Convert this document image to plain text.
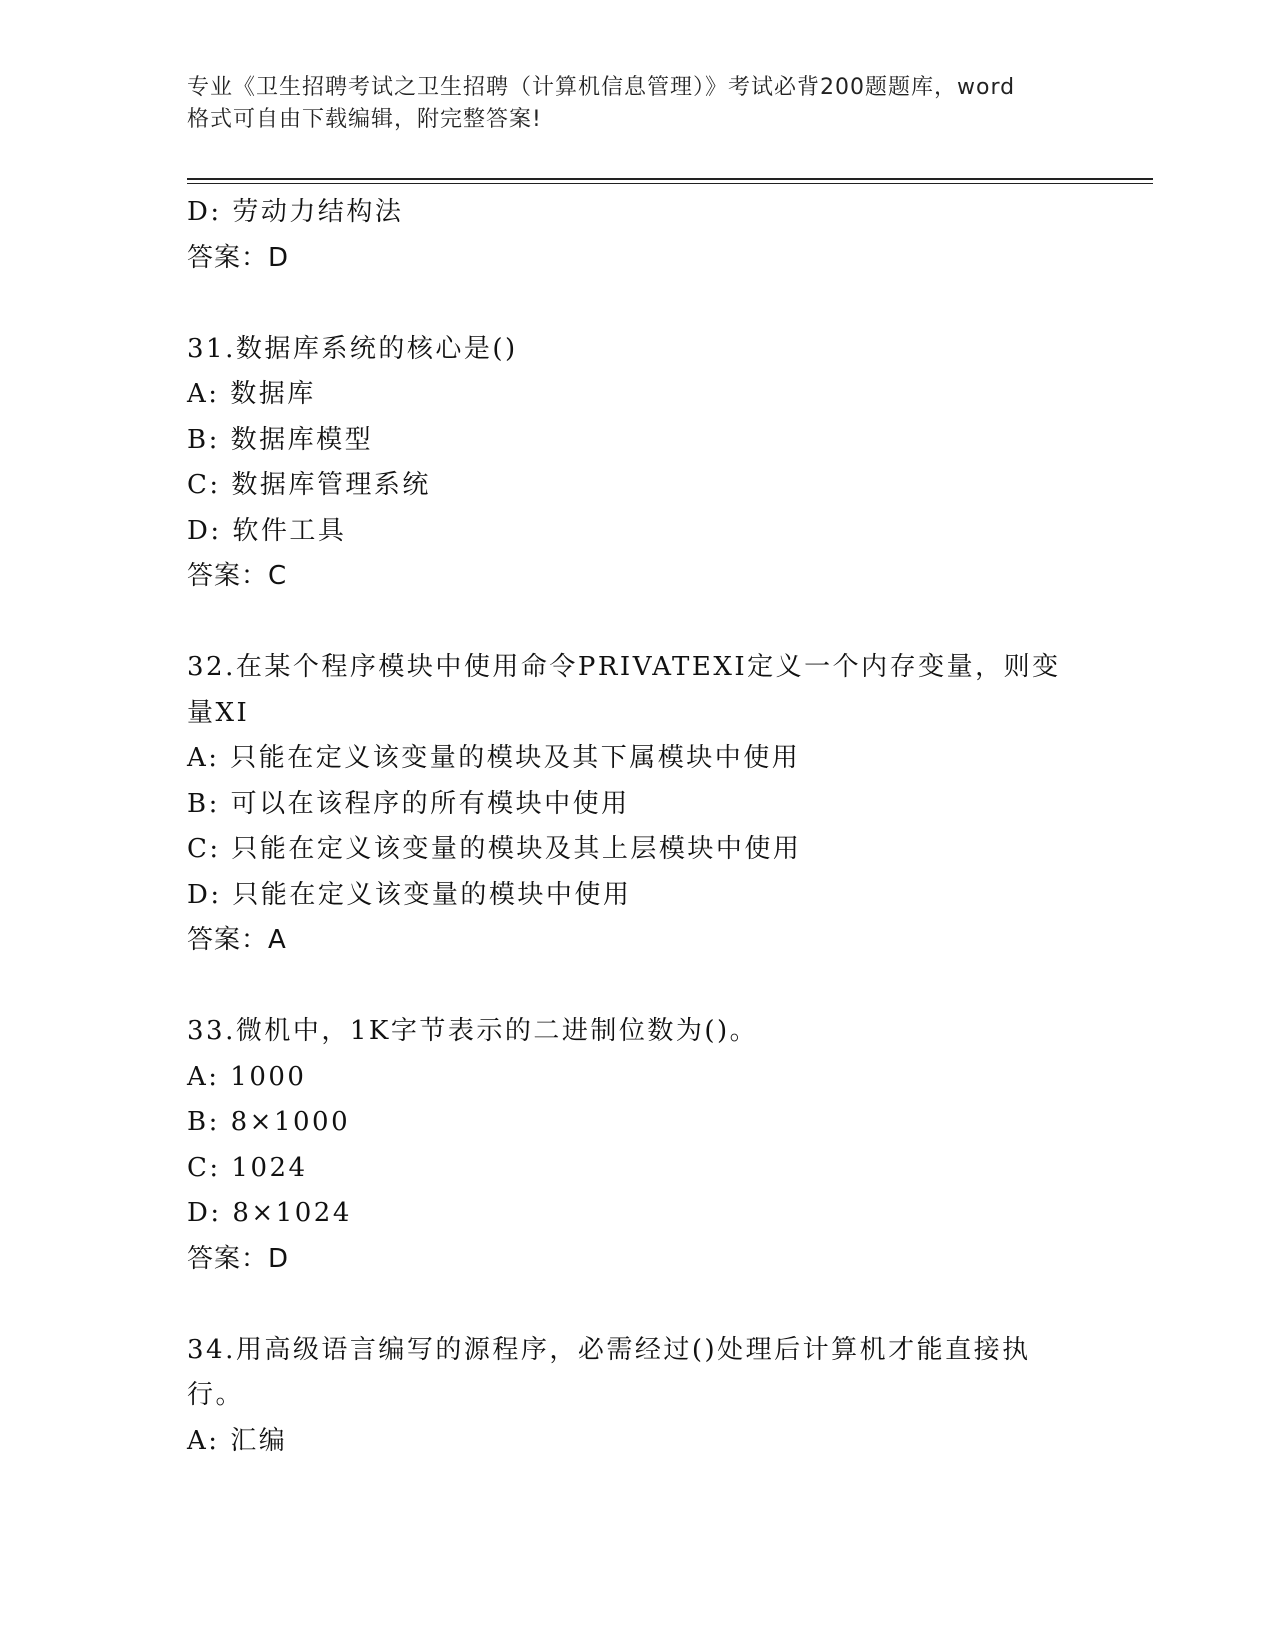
专业《卫生招聘考试之卫生招聘（计算机信息管理）》考试必背200题题库，word
格式可自由下载编辑，附完整答案!
D: 劳动力结构法
答案：D
31.数据库系统的核心是()
A: 数据库
B: 数据库模型
C: 数据库管理系统
D: 软件工具
答案：C
32.在某个程序模块中使用命令PRIVATEXI定义一个内存变量，则变量XI
A: 只能在定义该变量的模块及其下属模块中使用
B: 可以在该程序的所有模块中使用
C: 只能在定义该变量的模块及其上层模块中使用
D: 只能在定义该变量的模块中使用
答案：A
33.微机中，1K字节表示的二进制位数为()。
A: 1000
B: 8×1000
C: 1024
D: 8×1024
答案：D
34.用高级语言编写的源程序，必需经过()处理后计算机才能直接执行。
A: 汇编
